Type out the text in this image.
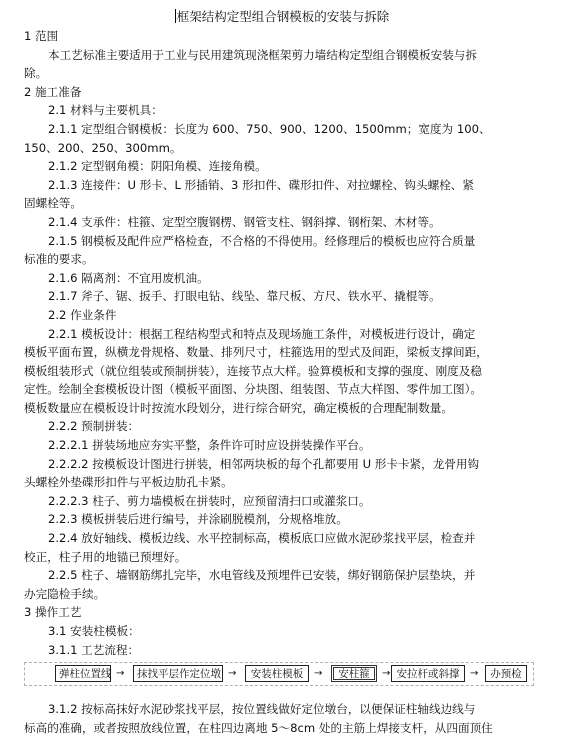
框架结构定型组合钢模板的安装与拆除
1 范围
本工艺标准主要适用于工业与民用建筑现浇框架剪力墙结构定型组合钢模板安装与拆
除。
2 施工准备
2.1 材料与主要机具：
2.1.1 定型组合钢模板：长度为 600、750、900、1200、1500mm；宽度为 100、
150、200、250、300mm。
2.1.2 定型钢角模：阴阳角模、连接角模。
2.1.3 连接件：U 形卡、L 形插销、3 形扣件、碟形扣件、对拉螺栓、钩头螺栓、紧
固螺栓等。
2.1.4 支承件：柱箍、定型空腹钢楞、钢管支柱、钢斜撑、钢桁架、木材等。
2.1.5 钢模板及配件应严格检查，不合格的不得使用。经修理后的模板也应符合质量
标准的要求。
2.1.6 隔离剂：不宜用废机油。
2.1.7 斧子、锯、扳手、打眼电钻、线坠、靠尺板、方尺、铁水平、撬棍等。
2.2 作业条件
2.2.1 模板设计：根据工程结构型式和特点及现场施工条件，对模板进行设计，确定
模板平面布置，纵横龙骨规格、数量、排列尺寸，柱箍选用的型式及间距，梁板支撑间距，
模板组装形式（就位组装或预制拼装），连接节点大样。验算模板和支撑的强度、刚度及稳
定性。绘制全套模板设计图（模板平面图、分块图、组装图、节点大样图、零件加工图）。
模板数量应在模板设计时按流水段划分，进行综合研究，确定模板的合理配制数量。
2.2.2 预制拼装：
2.2.2.1 拼装场地应夯实平整，条件许可时应设拼装操作平台。
2.2.2.2 按模板设计图进行拼装，相邻两块板的每个孔都要用 U 形卡卡紧，龙骨用钩
头螺栓外垫碟形扣件与平板边肋孔卡紧。
2.2.2.3 柱子、剪力墙模板在拼装时，应预留清扫口或灌浆口。
2.2.3 模板拼装后进行编号，并涂刷脱模剂，分规格堆放。
2.2.4 放好轴线、模板边线、水平控制标高，模板底口应做水泥砂浆找平层，检查并
校正，柱子用的地锚已预埋好。
2.2.5 柱子、墙钢筋绑扎完毕，水电管线及预埋件已安装，绑好钢筋保护层垫块，并
办完隐检手续。
3 操作工艺
3.1 安装柱模板：
3.1.1 工艺流程：
弹柱位置线 →	抹找平层作定位墩 →	安装柱模板	→	安柱箍	→ 安拉杆或斜撑	→	办预检
3.1.2 按标高抹好水泥砂浆找平层，按位置线做好定位墩台，以便保证柱轴线边线与
标高的准确，或者按照放线位置，在柱四边离地 5～8cm 处的主筋上焊接支杆，从四面顶住
